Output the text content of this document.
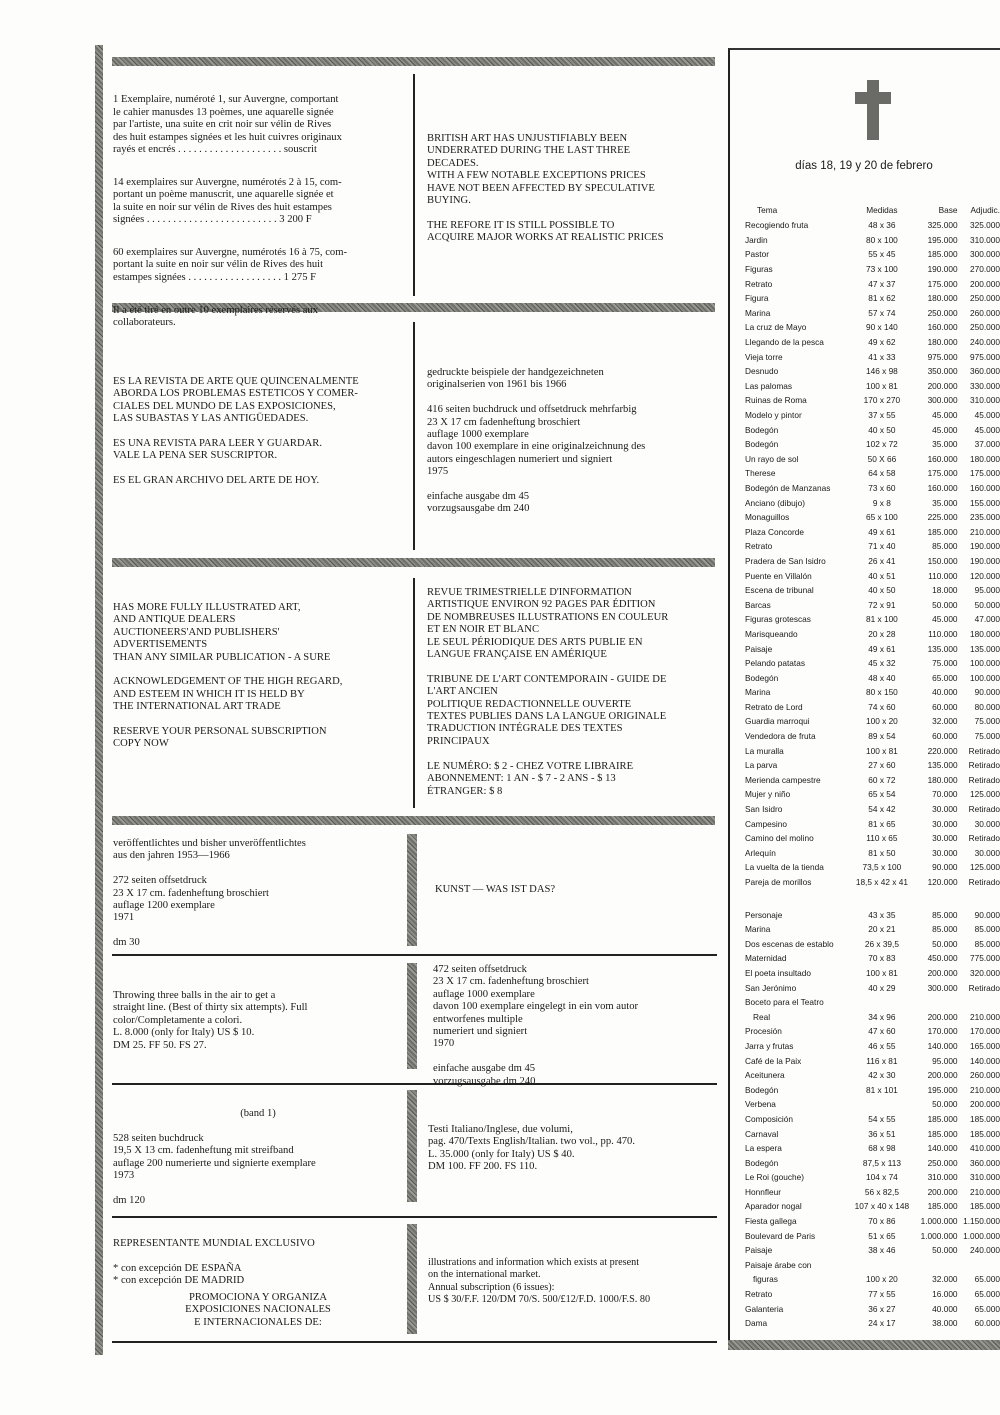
1 Exemplaire, numéroté 1, sur Auvergne, comportant
le cahier manusdes 13 poèmes, une aquarelle signée
par l'artiste, una suite en crit noir sur vélin de Rives
des huit estampes signées et les huit cuivres originaux
rayés et encrés . . . . . . . . . . . . . . . . . . . . souscrit

14 exemplaires sur Auvergne, numérotés 2 à 15, com-
portant un poème manuscrit, une aquarelle signée et
la suite en noir sur vélin de Rives des huit estampes
signées . . . . . . . . . . . . . . . . . . . . . . . . . 3 200 F

60 exemplaires sur Auvergne, numérotés 16 à 75, com-
portant la suite en noir sur vélin de Rives des huit
estampes signées . . . . . . . . . . . . . . . . . . 1 275 F

Il a été tiré en outre 10 exemplaires réservés aux
collaborateurs.

BRITISH ART HAS UNJUSTIFIABLY BEEN
UNDERRATED DURING THE LAST THREE
DECADES.
WITH A FEW NOTABLE EXCEPTIONS PRICES
HAVE NOT BEEN AFFECTED BY SPECULATIVE
BUYING.

THE REFORE IT IS STILL POSSIBLE TO
ACQUIRE MAJOR WORKS AT REALISTIC PRICES
ES LA REVISTA DE ARTE QUE QUINCENALMENTE
ABORDA LOS PROBLEMAS ESTETICOS Y COMER-
CIALES DEL MUNDO DE LAS EXPOSICIONES,
LAS SUBASTAS Y LAS ANTIGÜEDADES.

ES UNA REVISTA PARA LEER Y GUARDAR.
VALE LA PENA SER SUSCRIPTOR.

ES EL GRAN ARCHIVO DEL ARTE DE HOY.
gedruckte beispiele der handgezeichneten
originalserien von 1961 bis 1966

416 seiten buchdruck und offsetdruck mehrfarbig
23 X 17 cm fadenheftung broschiert
auflage 1000 exemplare
davon 100 exemplare in eine originalzeichnung des
autors eingeschlagen numeriert und signiert
1975

einfache ausgabe dm 45
vorzugsausgabe dm 240
HAS MORE FULLY ILLUSTRATED ART,
AND ANTIQUE DEALERS
AUCTIONEERS'AND PUBLISHERS'
ADVERTISEMENTS
THAN ANY SIMILAR PUBLICATION - A SURE

ACKNOWLEDGEMENT OF THE HIGH REGARD,
AND ESTEEM IN WHICH IT IS HELD BY
THE INTERNATIONAL ART TRADE

RESERVE YOUR PERSONAL SUBSCRIPTION
COPY NOW
REVUE TRIMESTRIELLE D'INFORMATION
ARTISTIQUE ENVIRON 92 PAGES PAR ÉDITION
DE NOMBREUSES ILLUSTRATIONS EN COULEUR
ET EN NOIR ET BLANC
LE SEUL PÉRIODIQUE DES ARTS PUBLIE EN
LANGUE FRANÇAISE EN AMÉRIQUE

TRIBUNE DE L'ART CONTEMPORAIN - GUIDE DE
L'ART ANCIEN
POLITIQUE REDACTIONNELLE OUVERTE
TEXTES PUBLIES DANS LA LANGUE ORIGINALE
TRADUCTION INTÉGRALE DES TEXTES
PRINCIPAUX

LE NUMÉRO: $ 2 - CHEZ VOTRE LIBRAIRE
ABONNEMENT: 1 AN - $ 7 - 2 ANS - $ 13
ÉTRANGER: $ 8
veröffentlichtes und bisher unveröffentlichtes
aus den jahren 1953—1966

272 seiten offsetdruck
23 X 17 cm. fadenheftung broschiert
auflage 1200 exemplare
1971

dm 30
KUNST — WAS IST DAS?
Throwing three balls in the air to get a
straight line. (Best of thirty six attempts). Full
color/Completamente a colori.
L. 8.000 (only for Italy) US $ 10.
DM 25. FF 50. FS 27.
472 seiten offsetdruck
23 X 17 cm. fadenheftung broschiert
auflage 1000 exemplare
davon 100 exemplare eingelegt in ein vom autor
entworfenes multiple
numeriert und signiert
1970

einfache ausgabe dm 45
vorzugsausgabe dm 240
(band 1)
528 seiten buchdruck
19,5 X 13 cm. fadenheftung mit streifband
auflage 200 numerierte und signierte exemplare
1973

dm 120
Testi Italiano/Inglese, due volumi,
pag. 470/Texts English/Italian. two vol., pp. 470.
L. 35.000 (only for Italy) US $ 40.
DM 100. FF 200. FS 110.
REPRESENTANTE MUNDIAL EXCLUSIVO

* con excepción DE ESPAÑA
* con excepción DE MADRID
PROMOCIONA Y ORGANIZA
EXPOSICIONES NACIONALES
E INTERNACIONALES DE:
illustrations and information which exists at present
on the international market.
Annual subscription (6 issues):
US $ 30/F.F. 120/DM 70/S. 500/£12/F.D. 1000/F.S. 80
días 18, 19 y 20 de febrero
Tema	Medidas	Base	Adjudic.
Recogiendo fruta	48 x 36	325.000	325.000
Jardin	80 x 100	195.000	310.000
Pastor	55 x 45	185.000	300.000
Figuras	73 x 100	190.000	270.000
Retrato	47 x 37	175.000	200.000
Figura	81 x 62	180.000	250.000
Marina	57 x 74	250.000	260.000
La cruz de Mayo	90 x 140	160.000	250.000
Llegando de la pesca	49 x 62	180.000	240.000
Vieja torre	41 x 33	975.000	975.000
Desnudo	146 x 98	350.000	360.000
Las palomas	100 x 81	200.000	330.000
Ruinas de Roma	170 x 270	300.000	310.000
Modelo y pintor	37 x 55	45.000	45.000
Bodegón	40 x 50	45.000	45.000
Bodegón	102 x 72	35.000	37.000
Un rayo de sol	50 X 66	160.000	180.000
Therese	64 x 58	175.000	175.000
Bodegón de Manzanas	73 x 60	160.000	160.000
Anciano (dibujo)	9 x 8	35.000	155.000
Monaguillos	65 x 100	225.000	235.000
Plaza Concorde	49 x 61	185.000	210.000
Retrato	71 x 40	85.000	190.000
Pradera de San Isidro	26 x 41	150.000	190.000
Puente en Villalón	40 x 51	110.000	120.000
Escena de tribunal	40 x 50	18.000	95.000
Barcas	72 x 91	50.000	50.000
Figuras grotescas	81 x 100	45.000	47.000
Marisqueando	20 x 28	110.000	180.000
Paisaje	49 x 61	135.000	135.000
Pelando patatas	45 x 32	75.000	100.000
Bodegón	48 x 40	65.000	100.000
Marina	80 x 150	40.000	90.000
Retrato de Lord	74 x 60	60.000	80.000
Guardia marroqui	100 x 20	32.000	75.000
Vendedora de fruta	89 x 54	60.000	75.000
La muralla	100 x 81	220.000	Retirado
La parva	27 x 60	135.000	Retirado
Merienda campestre	60 x 72	180.000	Retirado
Mujer y niño	65 x 54	70.000	125.000
San Isidro	54 x 42	30.000	Retirado
Campesino	81 x 65	30.000	30.000
Camino del molino	110 x 65	30.000	Retirado
Arlequín	81 x 50	30.000	30.000
La vuelta de la tienda	73,5 x 100	90.000	125.000
Pareja de morillos	18,5 x 42 x 41	120.000	Retirado

Personaje	43 x 35	85.000	90.000
Marina	20 x 21	85.000	85.000
Dos escenas de establo	26 x 39,5	50.000	85.000
Maternidad	70 x 83	450.000	775.000
El poeta insultado	100 x 81	200.000	320.000
San Jerónimo	40 x 29	300.000	Retirado
Boceto para el Teatro			
Real	34 x 96	200.000	210.000
Procesión	47 x 60	170.000	170.000
Jarra y frutas	46 x 55	140.000	165.000
Café de la Paix	116 x 81	95.000	140.000
Aceitunera	42 x 30	200.000	260.000
Bodegón	81 x 101	195.000	210.000
Verbena		50.000	200.000
Composición	54 x 55	185.000	185.000
Carnaval	36 x 51	185.000	185.000
La espera	68 x 98	140.000	410.000
Bodegón	87,5 x 113	250.000	360.000
Le Roi (gouche)	104 x 74	310.000	310.000
Honnfleur	56 x 82,5	200.000	210.000
Aparador nogal	107 x 40 x 148	185.000	185.000
Fiesta gallega	70 x 86	1.000.000	1.150.000
Boulevard de Paris	51 x 65	1.000.000	1.000.000
Paisaje	38 x 46	50.000	240.000
Paisaje árabe con			
figuras	100 x 20	32.000	65.000
Retrato	77 x 55	16.000	65.000
Galanteria	36 x 27	40.000	65.000
Dama	24 x 17	38.000	60.000
